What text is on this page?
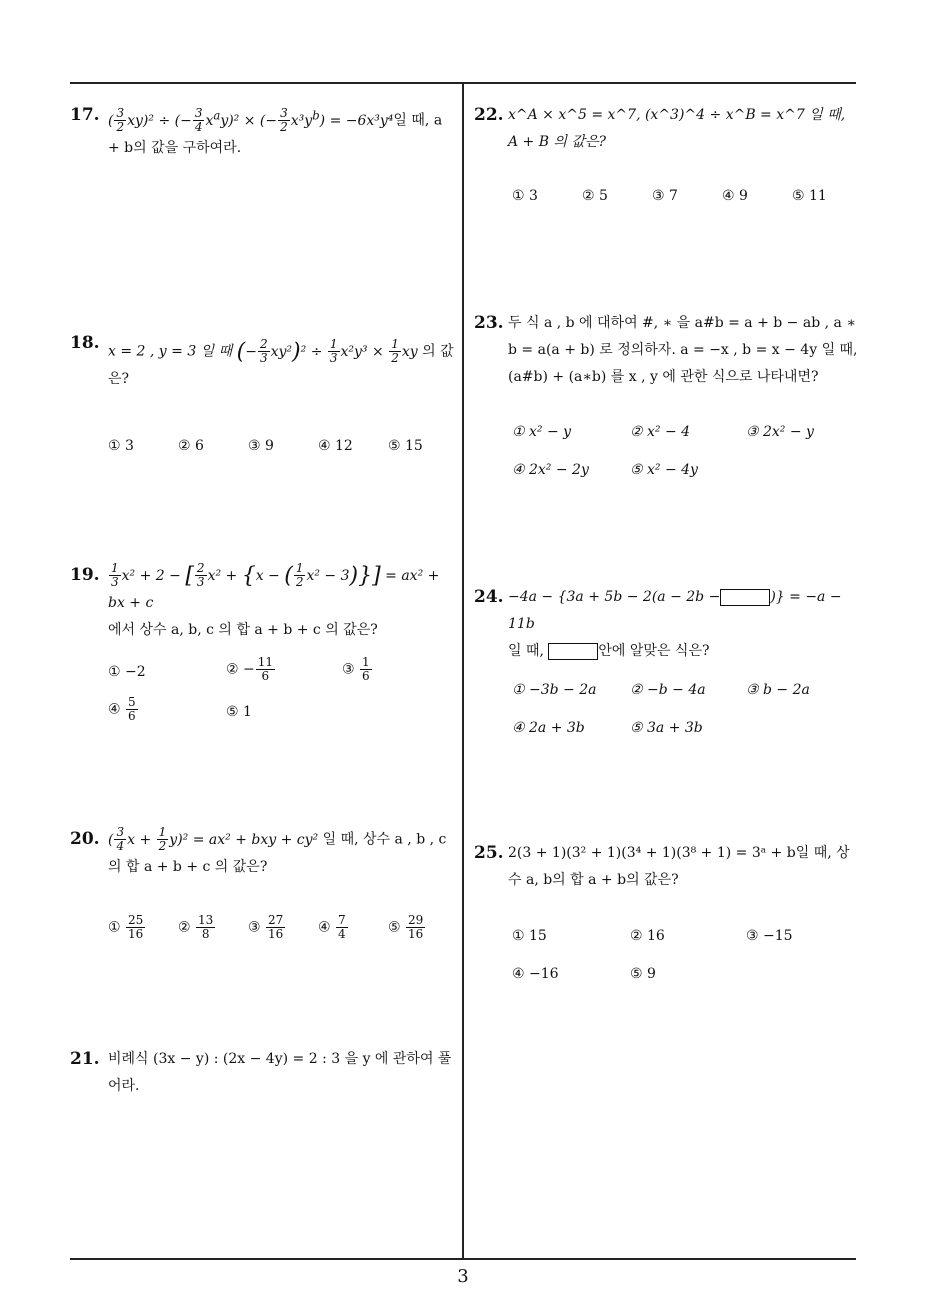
17. ( $\frac{3}{2} xy)^2$ ÷ (− $\frac{3}{4} x^ay)^2$ × (− $\frac{3}{2} x^3y^b) = -6x^3y^4$일 때, a + b의 값을 구하여라.
18. x = 2 , y = 3 일 때 (− $\frac{2}{3} xy^2)^2 \div \frac{1}{3} x^2y^3 \times \frac{1}{2}$ xy 의 값은?
① 3	② 6	③ 9	④ 12	⑤ 15
19. $\frac{1}{3} x^2 + 2$ − [ $\frac{2}{3} x^2 + \{x$ − ( $\frac{1}{2} x^2 - 3)\}] = ax^2$ + bx + c
에서 상수 a, b, c 의 합 a + b + c 의 값은?
① −2	② − $\frac{11}{6}$	③ $\frac{1}{6}$
④ $\frac{5}{6}$	⑤ 1
20. ( $\frac{3}{4}$ $x + \frac{1}{2} y)^2 = ax^2$ + bxy + cy² 일 때, 상수 a , b , c 의 합 a + b + c 의 값은?
① $\frac{25}{16}$ ② $\frac{13}{8}$ ③ $\frac{27}{16}$ ④ $\frac{7}{4}$	⑤ $\frac{29}{16}$
21. 비례식 (3x − y) : (2x − 4y) = 2 : 3 을 y 에 관하여 풀어라.
22. x^A × x^5 = x^7, (x^3)^4 ÷ x^B = x^7 일 때, A + B 의 값은?
① 3	② 5	③ 7	④ 9	⑤ 11
23. 두 식 a , b 에 대하여 #, ∗ 을 a#b = a + b − ab , a ∗ b = a(a + b) 로 정의하자. a = −x , b = x − 4y 일 때, (a#b) + (a∗b) 를 x , y 에 관한 식으로 나타내면?
① x² − y	② x² − 4	③ 2x² − y
④ 2x² − 2y	⑤ x² − 4y
24. −4a − {3a + 5b − 2(a − 2b −	)} = −a − 11b
일 때,	안에 알맞은 식은?
① −3b − 2a ② −b − 4a	③ b − 2a
④ 2a + 3b	⑤ 3a + 3b
25. 2(3 + 1)(3² + 1)(3⁴ + 1)(3⁸ + 1) = 3ᵃ + b일 때, 상수 a, b의 합 a + b의 값은?
① 15	② 16	③ −15
④ −16	⑤ 9
3
